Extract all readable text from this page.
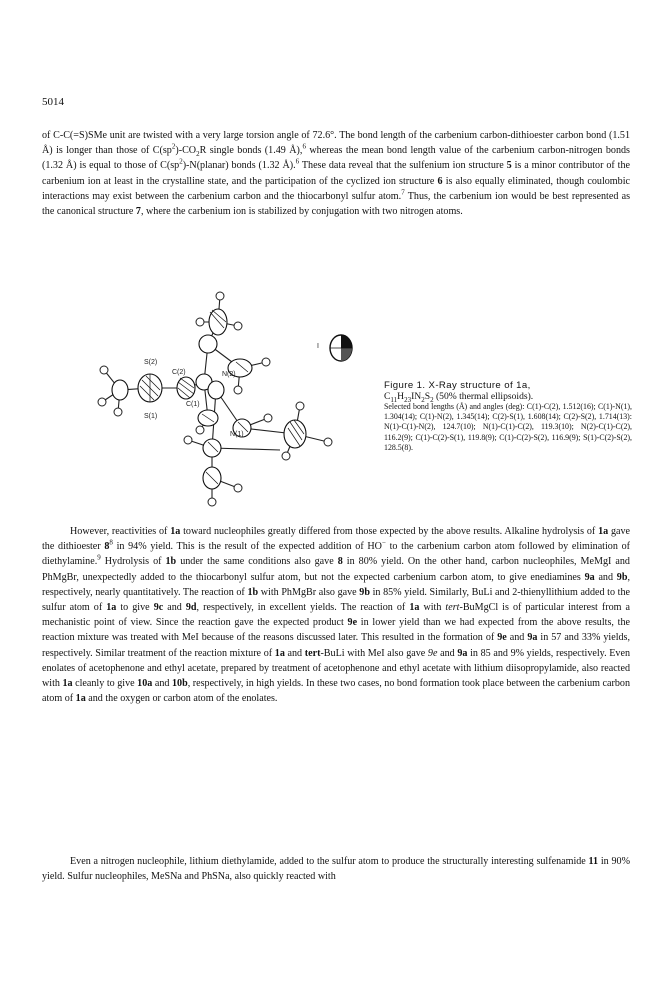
5014

of C-C(=S)SMe unit are twisted with a very large torsion angle of 72.6°. The bond length of the carbenium carbon-dithioester carbon bond (1.51 Å) is longer than those of $C(sp^2)-CO_2R$ single bonds (1.49 Å),$^6$ whereas the mean bond length value of the carbenium carbon-nitrogen bonds (1.32 Å) is equal to those of $C(sp^2)-N(planar)$ bonds (1.32 Å).$^6$ These data reveal that the sulfenium ion structure 5 is a minor contributor of the carbenium ion at least in the crystalline state, and the participation of the cyclized ion structure 6 is also equally eliminated, though coulombic interactions may exist between the carbenium carbon and the thiocarbonyl sulfur atom.$^7$ Thus, the carbenium ion would be best represented as the canonical structure 7, where the carbenium ion is stabilized by conjugation with two nitrogen atoms.

S(2)
C(2)	N(2)
C(1)
S(1)
N(1)
I

Figure 1. X-Ray structure of 1a,

$C_{11}H_{23}IN_2S_2$ (50% thermal ellipsoids).

Selected bond lengths (Å) and angles (deg): C(1)-C(2), 1.512(16); C(1)-N(1), 1.304(14); C(1)-N(2), 1.345(14); C(2)-S(1), 1.608(14); C(2)-S(2), 1.714(13): N(1)-C(1)-N(2), 124.7(10); N(1)-C(1)-C(2), 119.3(10); N(2)-C(1)-C(2), 116.2(9); C(1)-C(2)-S(1), 119.8(9); C(1)-C(2)-S(2), 116.9(9); S(1)-C(2)-S(2), 128.5(8).

However, reactivities of 1a toward nucleophiles greatly differed from those expected by the above results. Alkaline hydrolysis of 1a gave the dithioester $8^8$ in 94% yield. This is the result of the expected addition of HO− to the carbenium carbon atom followed by elimination of diethylamine.$^9$ Hydrolysis of 1b under the same conditions also gave 8 in 80% yield. On the other hand, carbon nucleophiles, MeMgI and PhMgBr, unexpectedly added to the thiocarbonyl sulfur atom, but not the expected carbenium carbon atom, to give enediamines 9a and 9b, respectively, nearly quantitatively. The reaction of 1b with PhMgBr also gave 9b in 85% yield. Similarly, BuLi and 2-thienyllithium added to the sulfur atom of 1a to give 9c and 9d, respectively, in excellent yields. The reaction of 1a with tert-BuMgCl is of particular interest from a mechanistic point of view. Since the reaction gave the expected product 9e in lower yield than we had expected from the above results, the reaction mixture was treated with MeI because of the reasons discussed later. This resulted in the formation of 9e and 9a in 57 and 33% yields, respectively. Similar treatment of the reaction mixture of 1a and tert-BuLi with MeI also gave 9e and 9a in 85 and 9% yields, respectively. Even enolates of acetophenone and ethyl acetate, prepared by treatment of acetophenone and ethyl acetate with lithium diisopropylamide, also reacted with 1a cleanly to give 10a and 10b, respectively, in high yields. In these two cases, no bond formation took place between the carbenium carbon atom of 1a and the oxygen or carbon atom of the enolates.

Even a nitrogen nucleophile, lithium diethylamide, added to the sulfur atom to produce the structurally interesting sulfenamide 11 in 90% yield. Sulfur nucleophiles, MeSNa and PhSNa, also quickly reacted with
